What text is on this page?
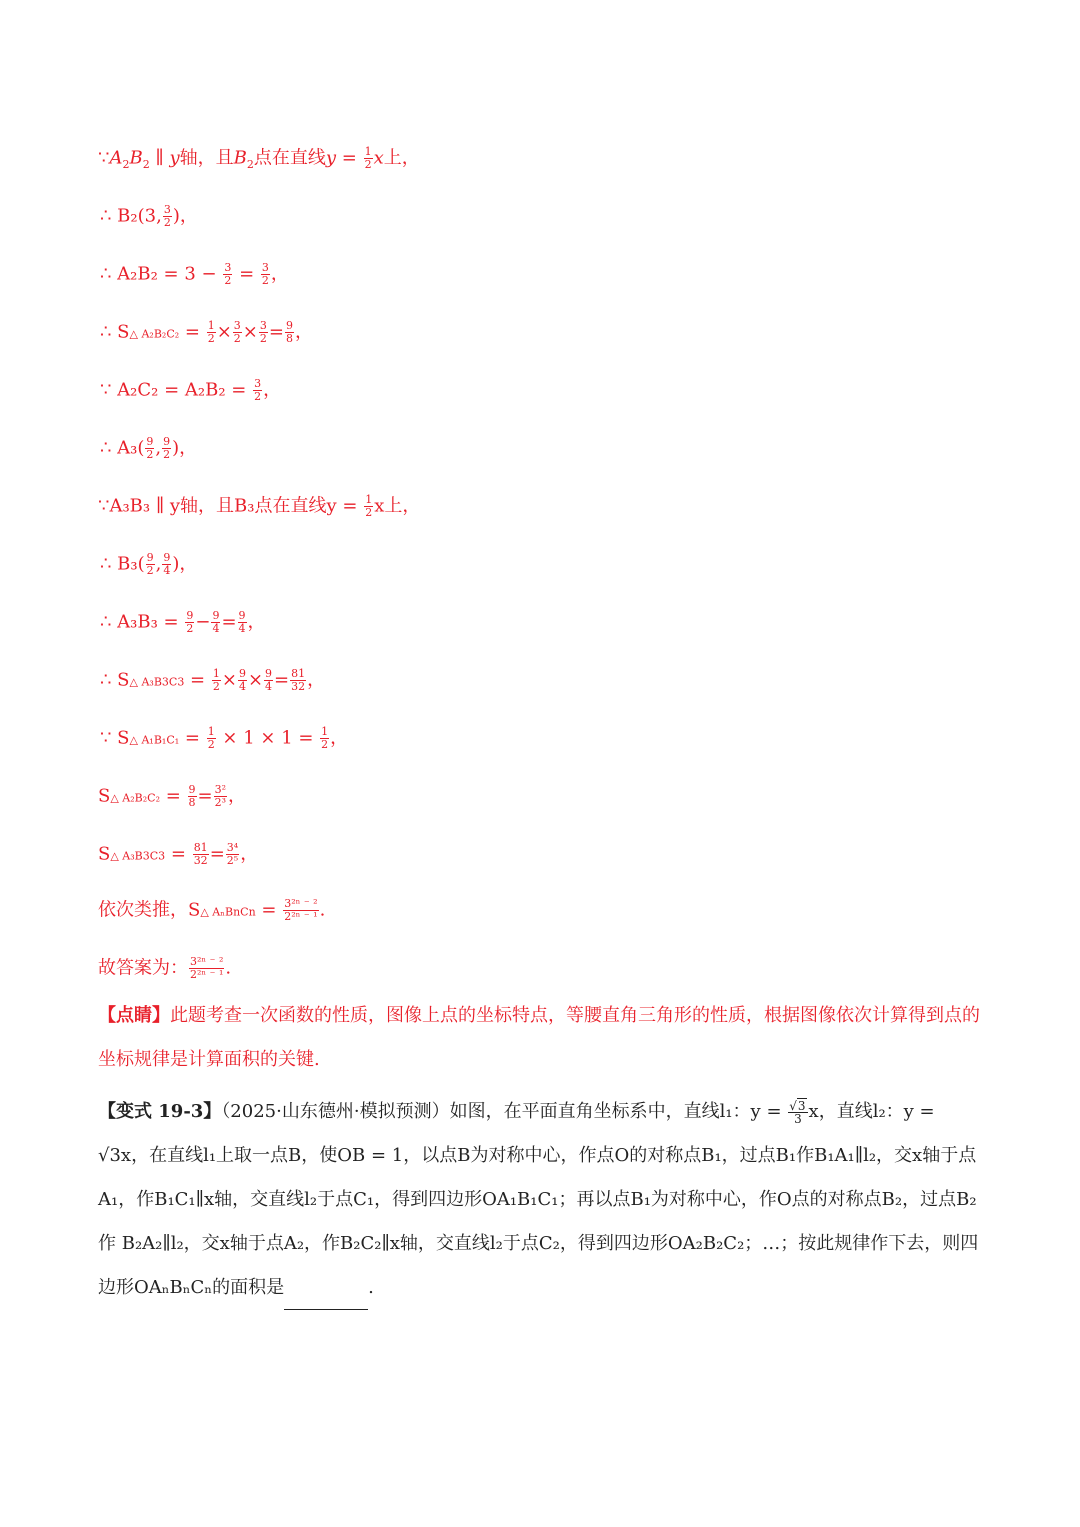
$\because A_2B_2$ ∥ y轴，且$B_2$点在直线$y = \frac{1}{2}$ x上，
∴ B₂(3, $\frac{3}{2}$ )，
∴ $A_2B_2 = 3 - \frac{3}{2} = \frac{3}{2}$ ，
∴ S△ $A_2B_2C_2 = \frac{1}{2} \times \frac{3}{2} \times \frac{3}{2} = \frac{9}{8}$ ，
∵ $A_2C_2 = A_2B_2 = \frac{3}{2}$ ，
∴ $A_3( \frac{9}{2}$ , $\frac{9}{2}$ )，
∵A₃B₃ ∥ y轴，且B₃点在直线$y = \frac{1}{2}$ x上，
∴ $B_3( \frac{9}{2}$ , $\frac{9}{4}$ )，
∴ $A_3B_3 = \frac{9}{2} - \frac{9}{4} = \frac{9}{4}$ ，
∴ S△ $A_3B3C3 = \frac{1}{2} \times \frac{9}{4} \times \frac{9}{4} = \frac{81}{32}$ ，
∵ S△ $A_1B_1C_1 = \frac{1}{2} \times 1 \times 1 = \frac{1}{2}$ ，
S△ $A_2B_2C_2 = \frac{9}{8} = \frac{\text{3²}}{\text{2³}}$ ，
S△ $A_3B3C3 = \frac{81}{32} = \frac{\text{3⁴}}{\text{2⁵}}$ ，
依次类推，S△ AₙBnCn = $\frac{\text{3²ⁿ ⁻ ²}}{\text{2²ⁿ ⁻ ¹}}$ .
故答案为： $\frac{\text{3²ⁿ ⁻ ²}}{\text{2²ⁿ ⁻ ¹}}$ .
【点睛】此题考查一次函数的性质，图像上点的坐标特点，等腰直角三角形的性质，根据图像依次计算得到点的坐标规律是计算面积的关键.
【变式 19-3】（2025·山东德州·模拟预测）如图，在平面直角坐标系中，直线l₁：$y = \frac{√3}{3}$ x，直线l₂：y = √3x，在直线l₁上取一点B，使OB = 1，以点B为对称中心，作点O的对称点B₁，过点B₁作B₁A₁∥l₂，交x轴于点A₁，作B₁C₁∥x轴，交直线l₂于点C₁，得到四边形OA₁B₁C₁；再以点B₁为对称中心，作O点的对称点B₂，过点B₂作 B₂A₂∥l₂，交x轴于点A₂，作B₂C₂∥x轴，交直线l₂于点C₂，得到四边形OA₂B₂C₂；…；按此规律作下去，则四边形OAₙBₙCₙ的面积是	.
